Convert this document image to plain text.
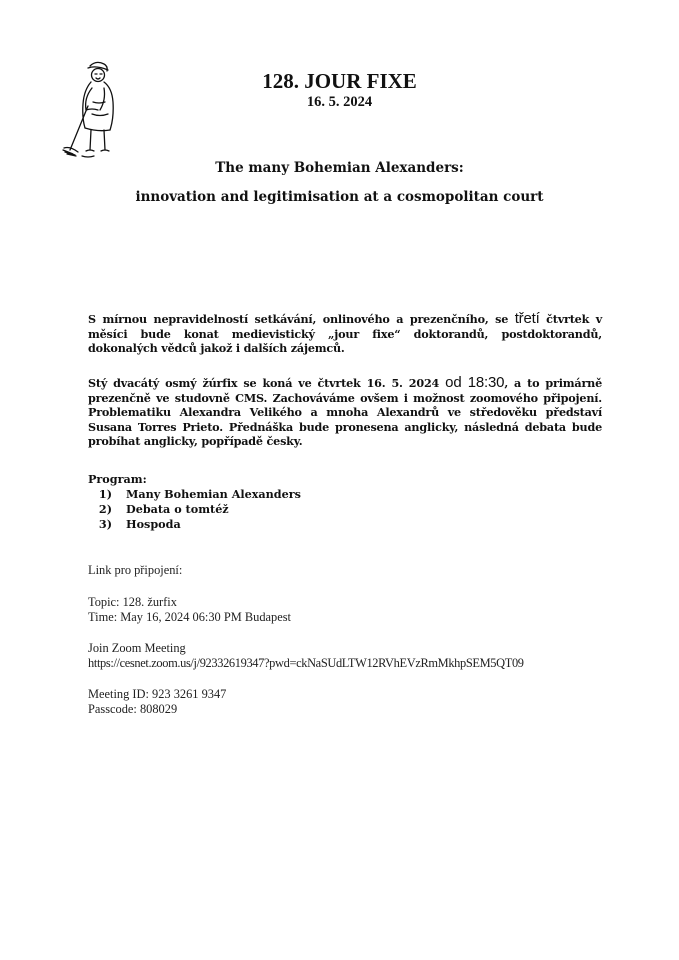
128. JOUR FIXE
16. 5. 2024
The many Bohemian Alexanders:
innovation and legitimisation at a cosmopolitan court

S mírnou nepravidelností setkávání, onlinového a prezenčního, se třetí čtvrtek v měsíci bude konat medievistický „jour fixe“ doktorandů, postdoktorandů, dokonalých vědců jakož i dalších zájemců.

Stý dvacátý osmý žúrfix se koná ve čtvrtek 16. 5. 2024 od 18:30, a to primárně prezenčně ve studovně CMS. Zachováváme ovšem i možnost zoomového připojení. Problematiku Alexandra Velikého a mnoha Alexandrů ve středověku představí Susana Torres Prieto. Přednáška bude pronesena anglicky, následná debata bude probíhat anglicky, popřípadě česky.

Program:
1)	Many Bohemian Alexanders
2)	Debata o tomtéž
3)	Hospoda
Link pro připojení:
Topic: 128. žurfix
Time: May 16, 2024 06:30 PM Budapest
Join Zoom Meeting
https://cesnet.zoom.us/j/92332619347?pwd=ckNaSUdLTW12RVhEVzRmMkhpSEM5QT09
Meeting ID: 923 3261 9347
Passcode: 808029
